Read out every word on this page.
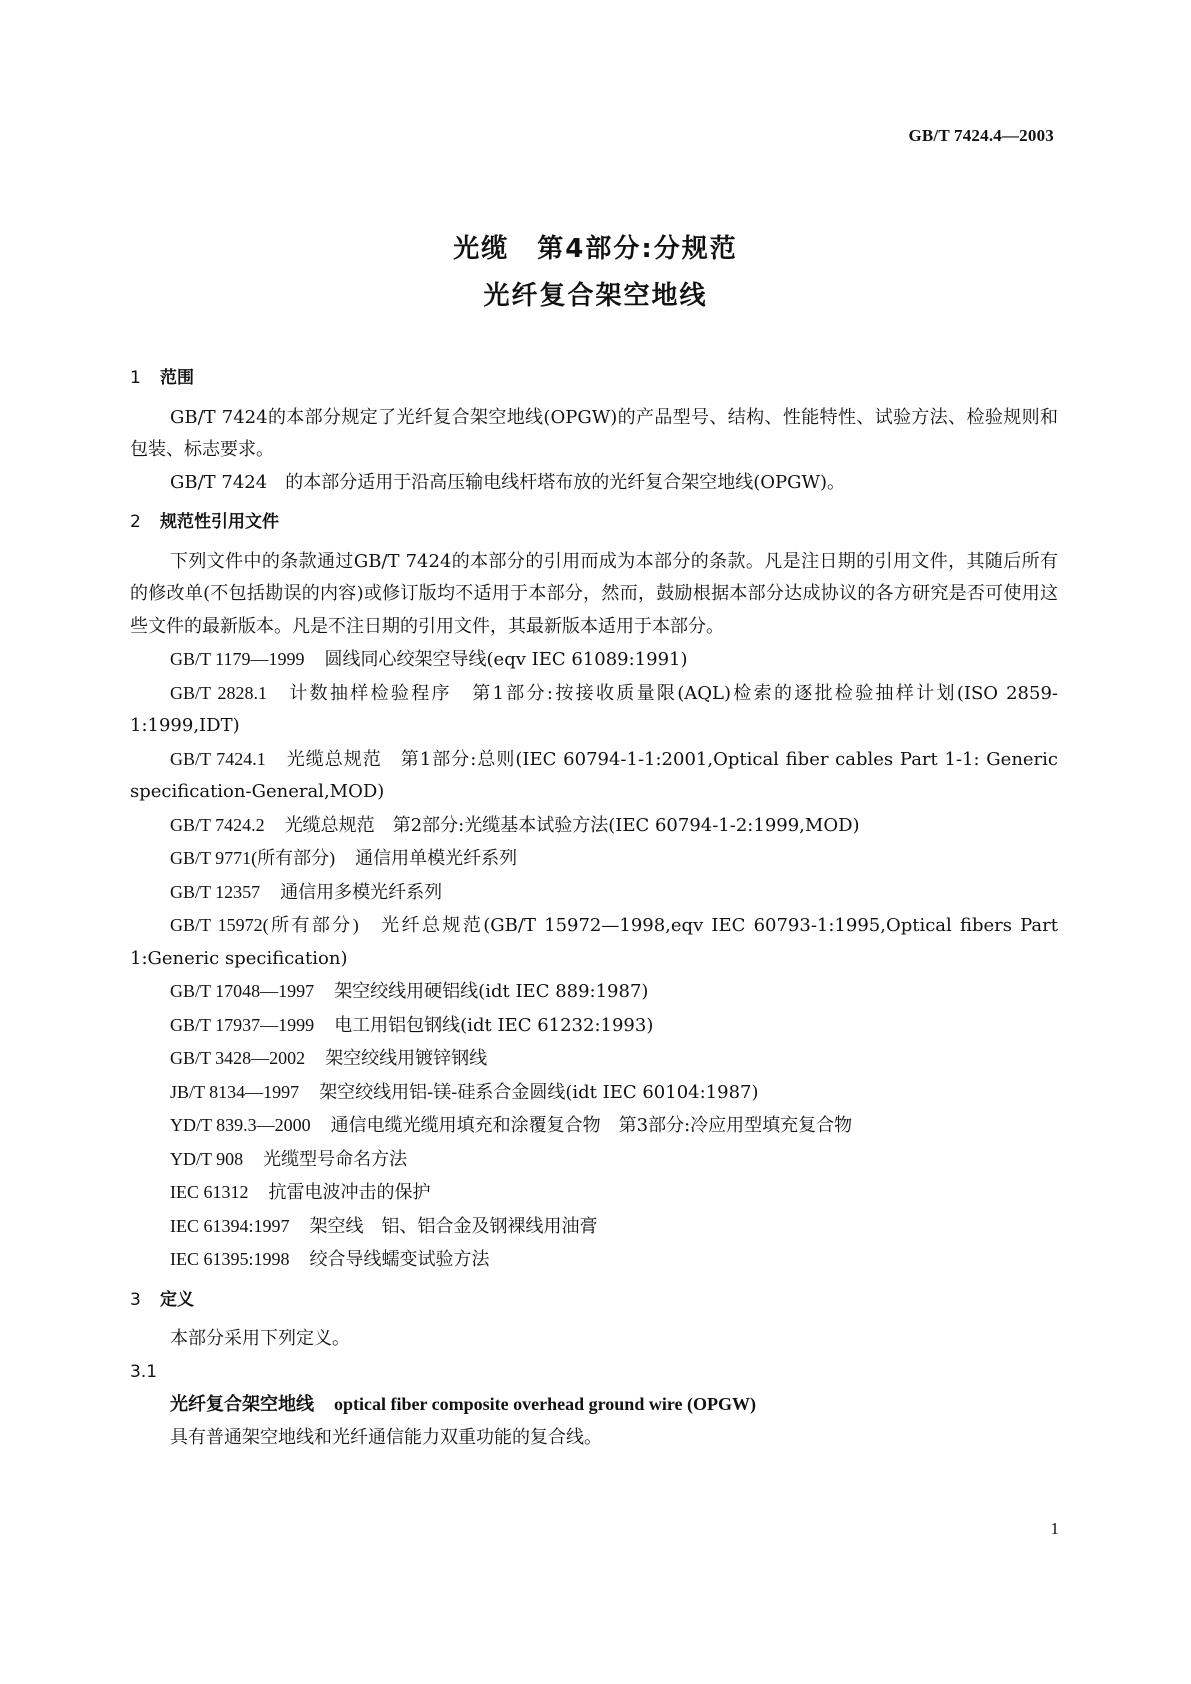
GB/T 7424.4—2003
光缆　第4部分:分规范
光纤复合架空地线
1 范围

GB/T 7424的本部分规定了光纤复合架空地线(OPGW)的产品型号、结构、性能特性、试验方法、检验规则和包装、标志要求。

GB/T 7424　的本部分适用于沿高压输电线杆塔布放的光纤复合架空地线(OPGW)。

2 规范性引用文件

下列文件中的条款通过GB/T 7424的本部分的引用而成为本部分的条款。凡是注日期的引用文件，其随后所有的修改单(不包括勘误的内容)或修订版均不适用于本部分，然而，鼓励根据本部分达成协议的各方研究是否可使用这些文件的最新版本。凡是不注日期的引用文件，其最新版本适用于本部分。

GB/T 1179—1999 圆线同心绞架空导线(eqv IEC 61089:1991)

GB/T 2828.1 计数抽样检验程序　第1部分:按接收质量限(AQL)检索的逐批检验抽样计划(ISO 2859-1:1999,IDT)

GB/T 7424.1 光缆总规范　第1部分:总则(IEC 60794-1-1:2001,Optical fiber cables Part 1-1: Generic specification-General,MOD)

GB/T 7424.2 光缆总规范　第2部分:光缆基本试验方法(IEC 60794-1-2:1999,MOD)

GB/T 9771(所有部分) 通信用单模光纤系列

GB/T 12357 通信用多模光纤系列

GB/T 15972(所有部分) 光纤总规范(GB/T 15972—1998,eqv IEC 60793-1:1995,Optical fibers Part 1:Generic specification)

GB/T 17048—1997 架空绞线用硬铝线(idt IEC 889:1987)

GB/T 17937—1999 电工用铝包钢线(idt IEC 61232:1993)

GB/T 3428—2002 架空绞线用镀锌钢线

JB/T 8134—1997 架空绞线用铝-镁-硅系合金圆线(idt IEC 60104:1987)

YD/T 839.3—2000 通信电缆光缆用填充和涂覆复合物　第3部分:冷应用型填充复合物

YD/T 908 光缆型号命名方法

IEC 61312 抗雷电波冲击的保护

IEC 61394:1997 架空线　铝、铝合金及钢裸线用油膏

IEC 61395:1998 绞合导线蠕变试验方法

3 定义

本部分采用下列定义。

3.1

光纤复合架空地线 optical fiber composite overhead ground wire (OPGW)

具有普通架空地线和光纤通信能力双重功能的复合线。

1
